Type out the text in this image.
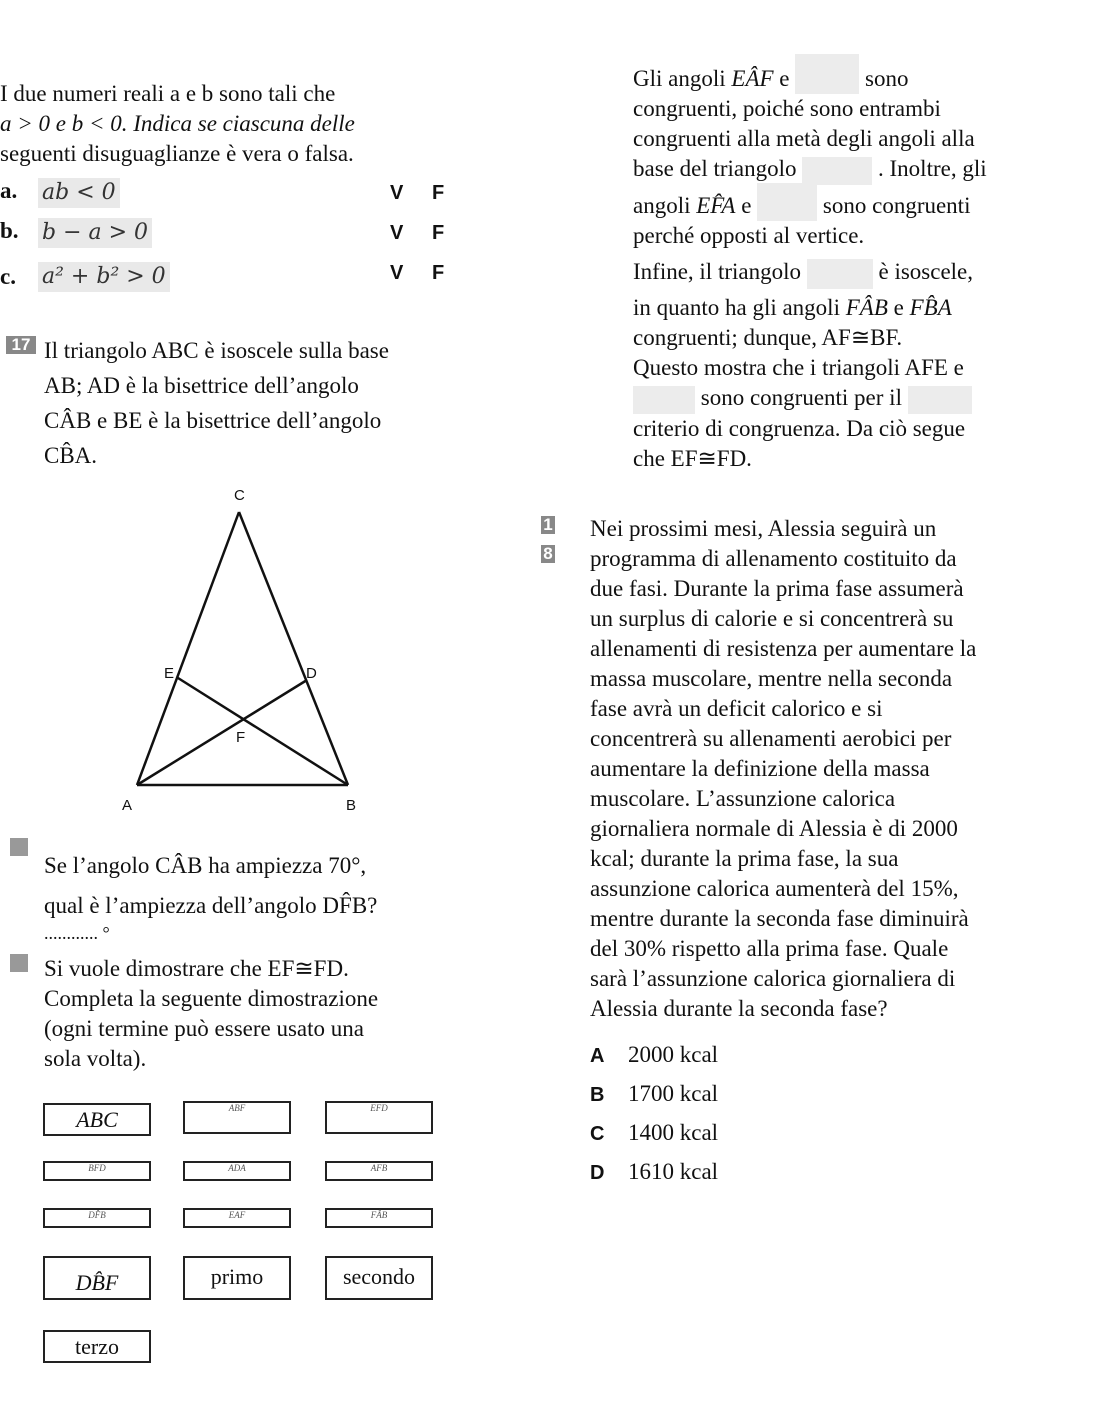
I due numeri reali a e b sono tali che
a > 0 e b < 0. Indica se ciascuna delle
seguenti disuguaglianze è vera o falsa.
a. ab < 0	V F
b. b − a > 0	V F
c. a² + b² > 0	V F
17 Il triangolo ABC è isoscele sulla base
AB; AD è la bisettrice dell’angolo
CÂB e BE è la bisettrice dell’angolo
CB̂A.
C
E	D
F
A	B
Se l’angolo CÂB ha ampiezza 70°,
qual è l’ampiezza dell’angolo DF̂B?
............ °
Si vuole dimostrare che EF≅FD.
Completa la seguente dimostrazione
(ogni termine può essere usato una
sola volta).
ABC	ABF	EFD
BFD	ADA	AFB
DF̂B	EAF	FÂB
DB̂F	primo	secondo
terzo
Gli angoli EÂF e	sono
congruenti, poiché sono entrambi
congruenti alla metà degli angoli alla
base del triangolo	. Inoltre, gli
angoli EF̂A e	sono congruenti
perché opposti al vertice.
Infine, il triangolo	è isoscele,
in quanto ha gli angoli FÂB e FB̂A
congruenti; dunque, AF≅BF.
Questo mostra che i triangoli AFE e
sono congruenti per il
criterio di congruenza. Da ciò segue
che EF≅FD.
1
8
Nei prossimi mesi, Alessia seguirà un
programma di allenamento costituito da
due fasi. Durante la prima fase assumerà
un surplus di calorie e si concentrerà su
allenamenti di resistenza per aumentare la
massa muscolare, mentre nella seconda
fase avrà un deficit calorico e si
concentrerà su allenamenti aerobici per
aumentare la definizione della massa
muscolare. L’assunzione calorica
giornaliera normale di Alessia è di 2000
kcal; durante la prima fase, la sua
assunzione calorica aumenterà del 15%,
mentre durante la seconda fase diminuirà
del 30% rispetto alla prima fase. Quale
sarà l’assunzione calorica giornaliera di
Alessia durante la seconda fase?
A 2000 kcal
B 1700 kcal
C 1400 kcal
D 1610 kcal
